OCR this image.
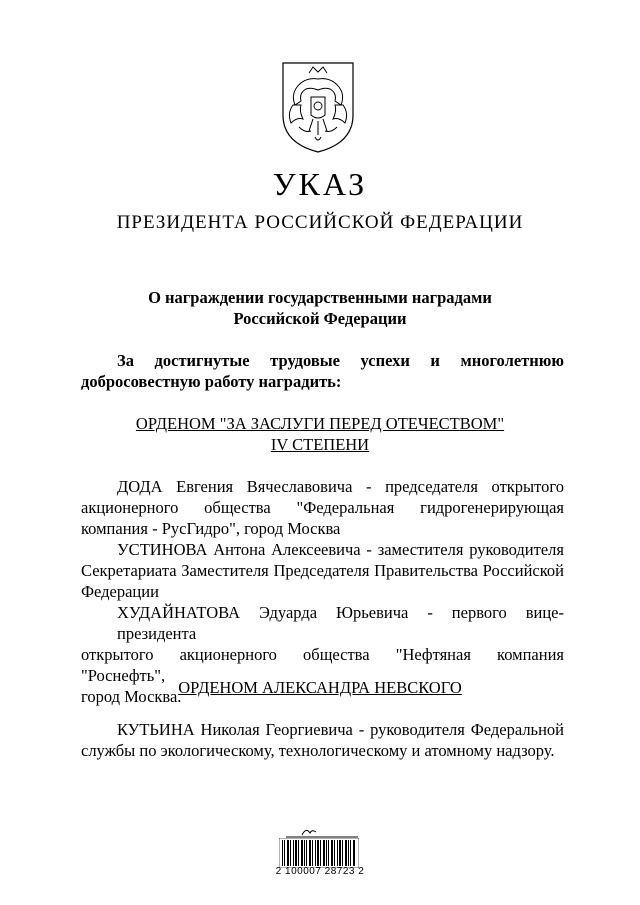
УКАЗ
ПРЕЗИДЕНТА РОССИЙСКОЙ ФЕДЕРАЦИИ
О награждении государственными наградами
Российской Федерации
За достигнутые трудовые успехи и многолетнюю
добросовестную работу наградить:
ОРДЕНОМ "ЗА ЗАСЛУГИ ПЕРЕД ОТЕЧЕСТВОМ"
IV СТЕПЕНИ
ДОДА Евгения Вячеславовича - председателя открытого
акционерного общества "Федеральная гидрогенерирующая
компания - РусГидро", город Москва
УСТИНОВА Антона Алексеевича - заместителя руководителя
Секретариата Заместителя Председателя Правительства Российской
Федерации
ХУДАЙНАТОВА Эдуарда Юрьевича - первого вице-президента
открытого акционерного общества "Нефтяная компания "Роснефть",
город Москва.
ОРДЕНОМ АЛЕКСАНДРА НЕВСКОГО
КУТЬИНА Николая Георгиевича - руководителя Федеральной
службы по экологическому, технологическому и атомному надзору.
2 100007 28723 2
